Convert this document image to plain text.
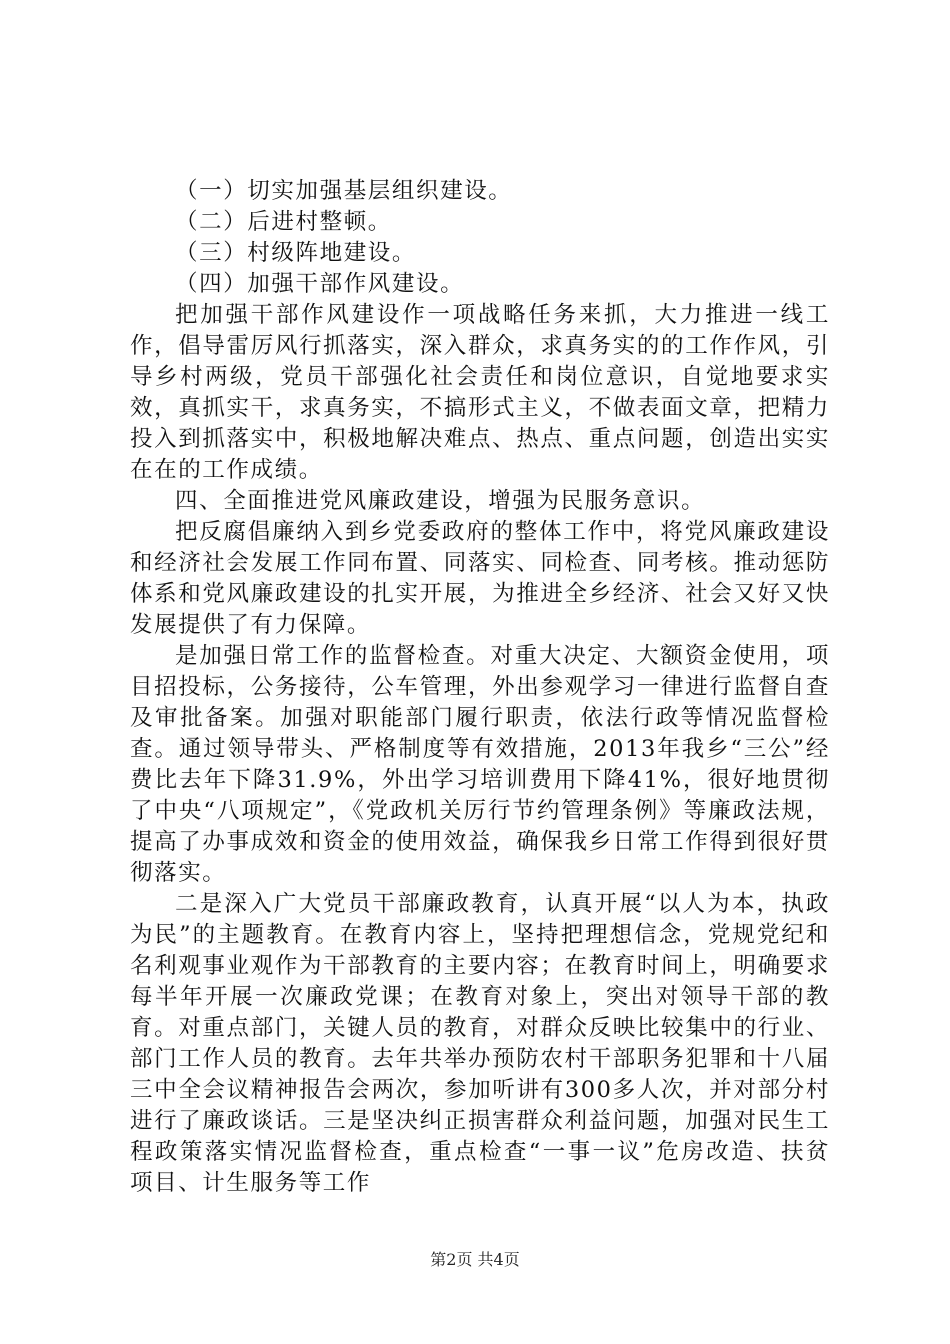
（一）切实加强基层组织建设。

（二）后进村整顿。

（三）村级阵地建设。

（四）加强干部作风建设。

把加强干部作风建设作一项战略任务来抓，大力推进一线工作，倡导雷厉风行抓落实，深入群众，求真务实的的工作作风，引导乡村两级，党员干部强化社会责任和岗位意识，自觉地要求实效，真抓实干，求真务实，不搞形式主义，不做表面文章，把精力投入到抓落实中，积极地解决难点、热点、重点问题，创造出实实在在的工作成绩。

四、全面推进党风廉政建设，增强为民服务意识。

把反腐倡廉纳入到乡党委政府的整体工作中，将党风廉政建设和经济社会发展工作同布置、同落实、同检查、同考核。推动惩防体系和党风廉政建设的扎实开展，为推进全乡经济、社会又好又快发展提供了有力保障。

是加强日常工作的监督检查。对重大决定、大额资金使用，项目招投标，公务接待，公车管理，外出参观学习一律进行监督自查及审批备案。加强对职能部门履行职责，依法行政等情况监督检查。通过领导带头、严格制度等有效措施，2013年我乡“三公”经费比去年下降31.9%，外出学习培训费用下降41%，很好地贯彻了中央“八项规定”，《党政机关厉行节约管理条例》等廉政法规，提高了办事成效和资金的使用效益，确保我乡日常工作得到很好贯彻落实。

二是深入广大党员干部廉政教育，认真开展“以人为本，执政为民”的主题教育。在教育内容上，坚持把理想信念，党规党纪和名利观事业观作为干部教育的主要内容；在教育时间上，明确要求每半年开展一次廉政党课；在教育对象上，突出对领导干部的教育。对重点部门，关键人员的教育，对群众反映比较集中的行业、部门工作人员的教育。去年共举办预防农村干部职务犯罪和十八届三中全会议精神报告会两次，参加听讲有300多人次，并对部分村进行了廉政谈话。三是坚决纠正损害群众利益问题，加强对民生工程政策落实情况监督检查，重点检查“一事一议”危房改造、扶贫项目、计生服务等工作

第2页 共4页
